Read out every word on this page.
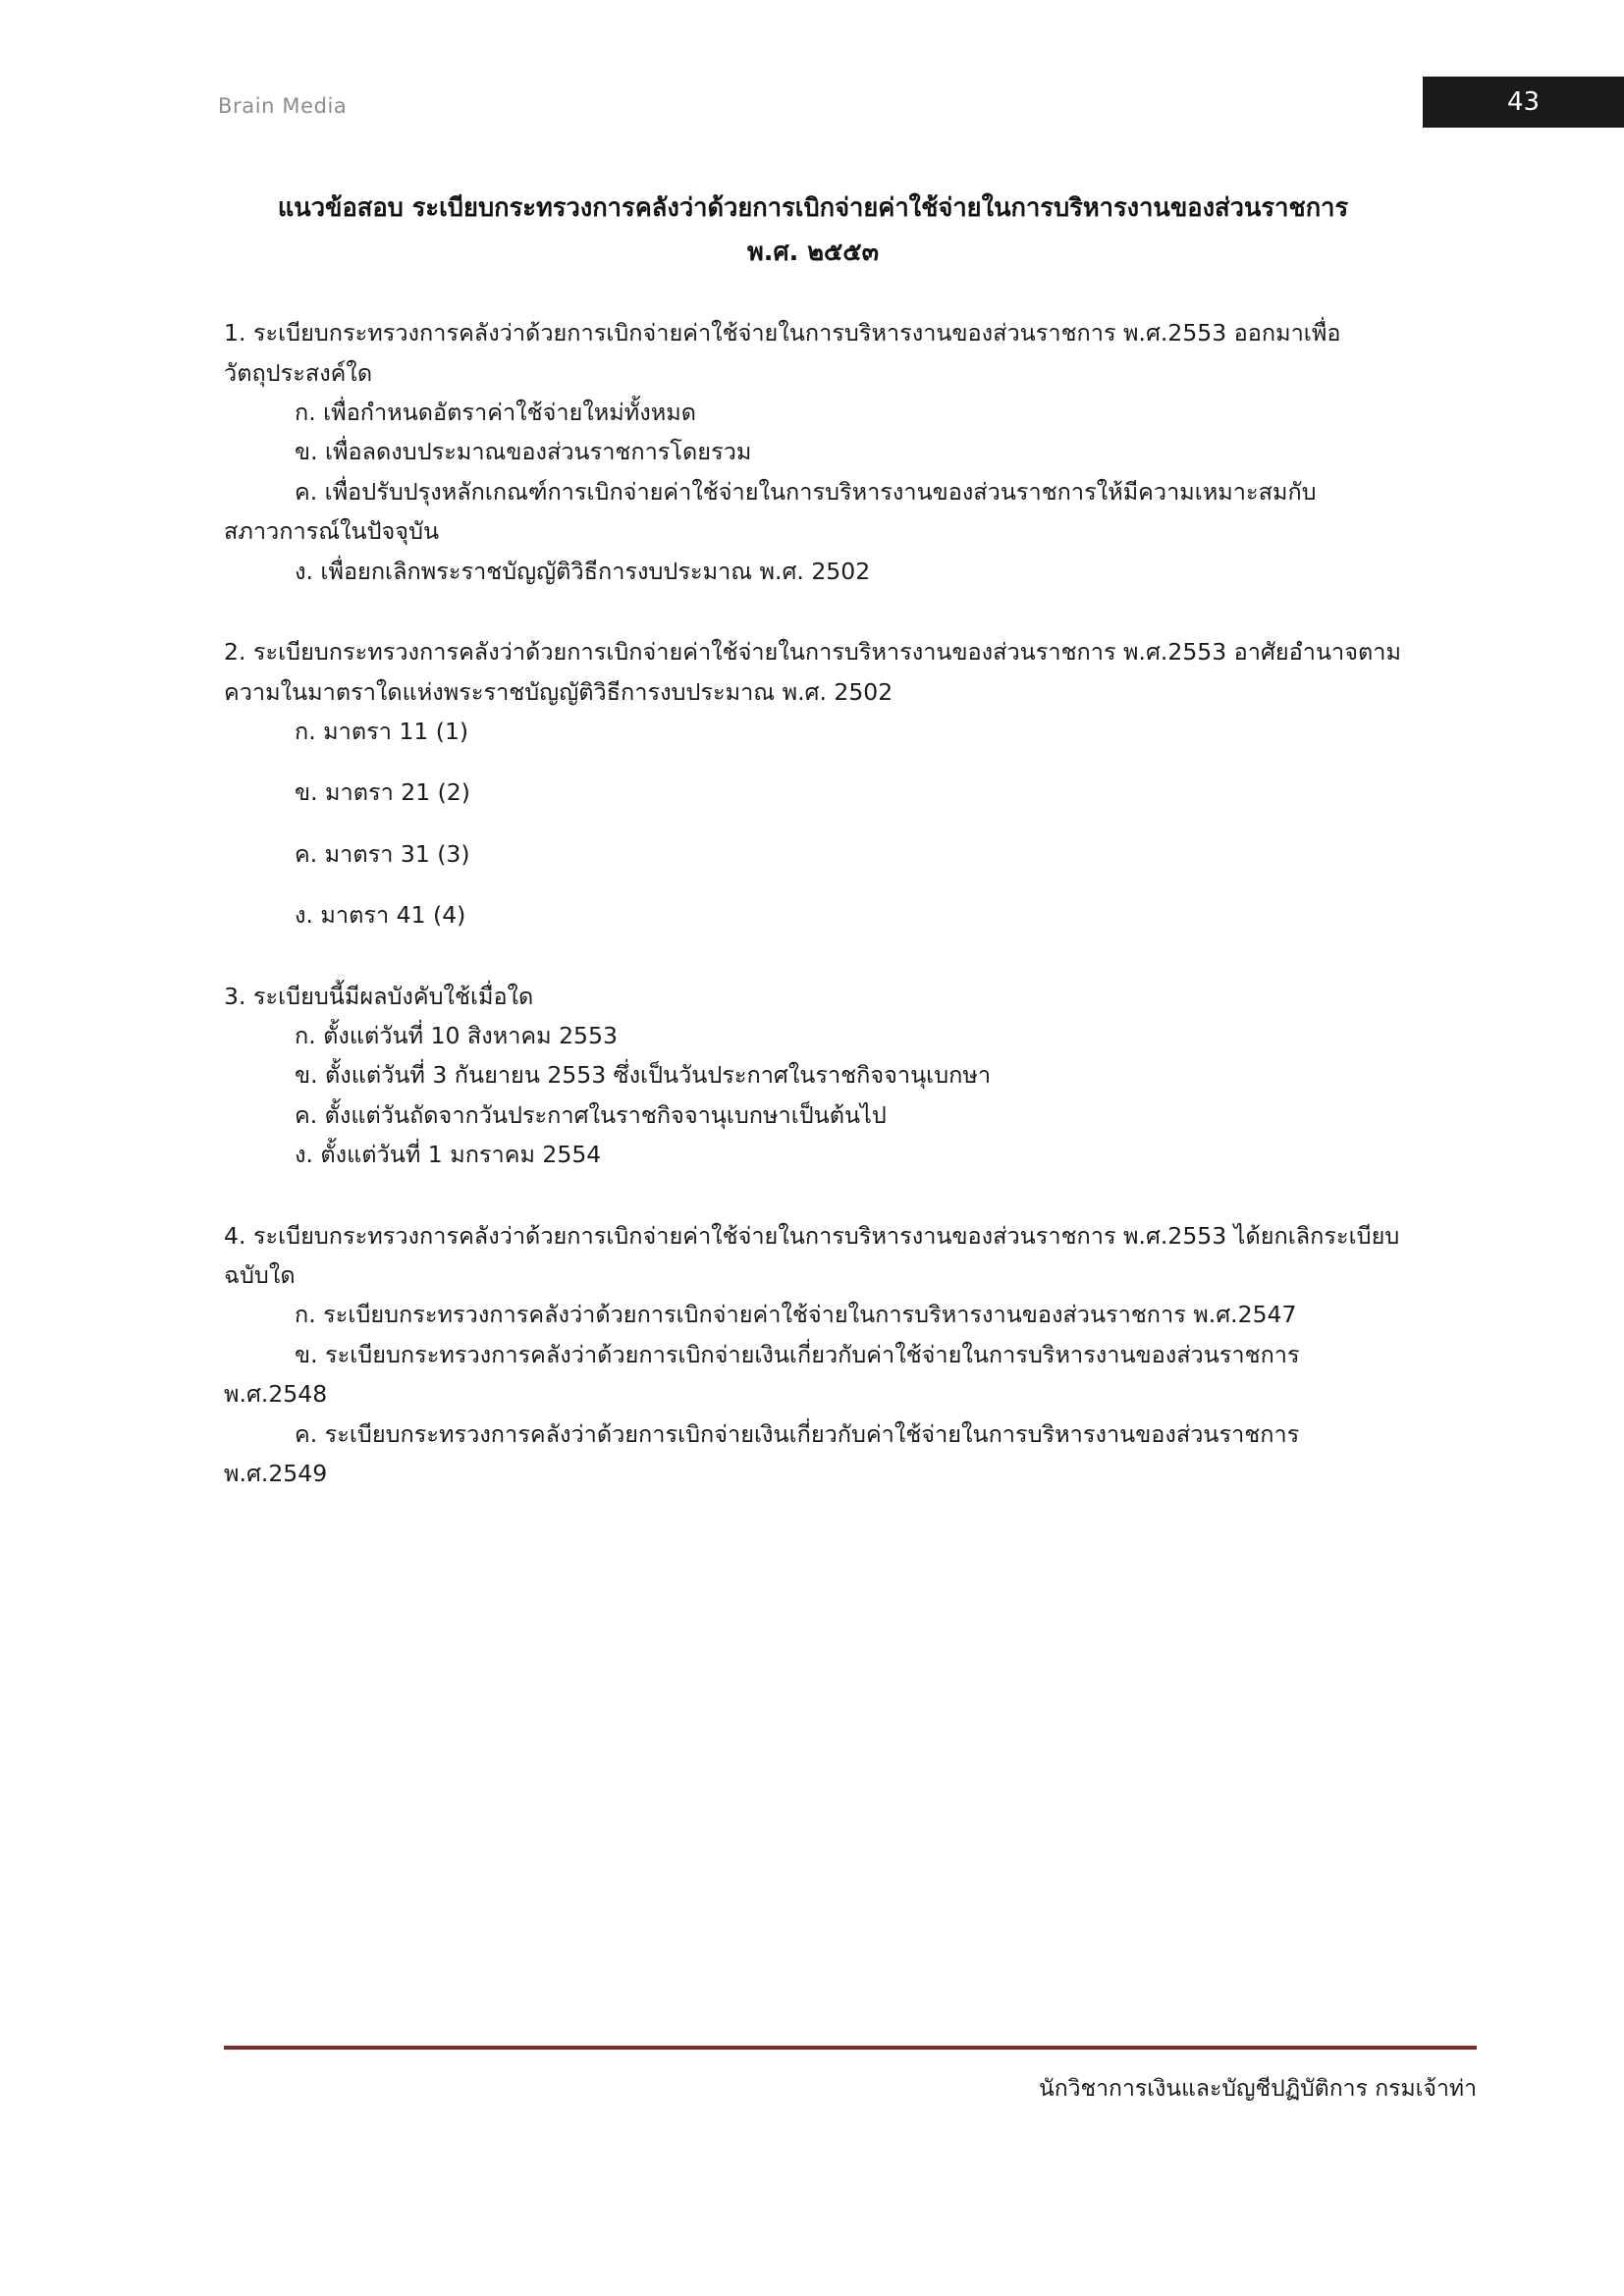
Brain Media	43
แนวข้อสอบ ระเบียบกระทรวงการคลังว่าด้วยการเบิกจ่ายค่าใช้จ่ายในการบริหารงานของส่วนราชการ
พ.ศ. ๒๕๕๓

1. ระเบียบกระทรวงการคลังว่าด้วยการเบิกจ่ายค่าใช้จ่ายในการบริหารงานของส่วนราชการ พ.ศ.2553 ออกมาเพื่อวัตถุประสงค์ใด

ก. เพื่อกำหนดอัตราค่าใช้จ่ายใหม่ทั้งหมด
ข. เพื่อลดงบประมาณของส่วนราชการโดยรวม
ค. เพื่อปรับปรุงหลักเกณฑ์การเบิกจ่ายค่าใช้จ่ายในการบริหารงานของส่วนราชการให้มีความเหมาะสมกับสภาวการณ์ในปัจจุบัน
ง. เพื่อยกเลิกพระราชบัญญัติวิธีการงบประมาณ พ.ศ. 2502

2. ระเบียบกระทรวงการคลังว่าด้วยการเบิกจ่ายค่าใช้จ่ายในการบริหารงานของส่วนราชการ พ.ศ.2553 อาศัยอำนาจตามความในมาตราใดแห่งพระราชบัญญัติวิธีการงบประมาณ พ.ศ. 2502

ก. มาตรา 11 (1)
ข. มาตรา 21 (2)
ค. มาตรา 31 (3)
ง. มาตรา 41 (4)

3. ระเบียบนี้มีผลบังคับใช้เมื่อใด

ก. ตั้งแต่วันที่ 10 สิงหาคม 2553
ข. ตั้งแต่วันที่ 3 กันยายน 2553 ซึ่งเป็นวันประกาศในราชกิจจานุเบกษา
ค. ตั้งแต่วันถัดจากวันประกาศในราชกิจจานุเบกษาเป็นต้นไป
ง. ตั้งแต่วันที่ 1 มกราคม 2554

4. ระเบียบกระทรวงการคลังว่าด้วยการเบิกจ่ายค่าใช้จ่ายในการบริหารงานของส่วนราชการ พ.ศ.2553 ได้ยกเลิกระเบียบฉบับใด

ก. ระเบียบกระทรวงการคลังว่าด้วยการเบิกจ่ายค่าใช้จ่ายในการบริหารงานของส่วนราชการ พ.ศ.2547
ข. ระเบียบกระทรวงการคลังว่าด้วยการเบิกจ่ายเงินเกี่ยวกับค่าใช้จ่ายในการบริหารงานของส่วนราชการ พ.ศ.2548
ค. ระเบียบกระทรวงการคลังว่าด้วยการเบิกจ่ายเงินเกี่ยวกับค่าใช้จ่ายในการบริหารงานของส่วนราชการ พ.ศ.2549
นักวิชาการเงินและบัญชีปฏิบัติการ กรมเจ้าท่า
